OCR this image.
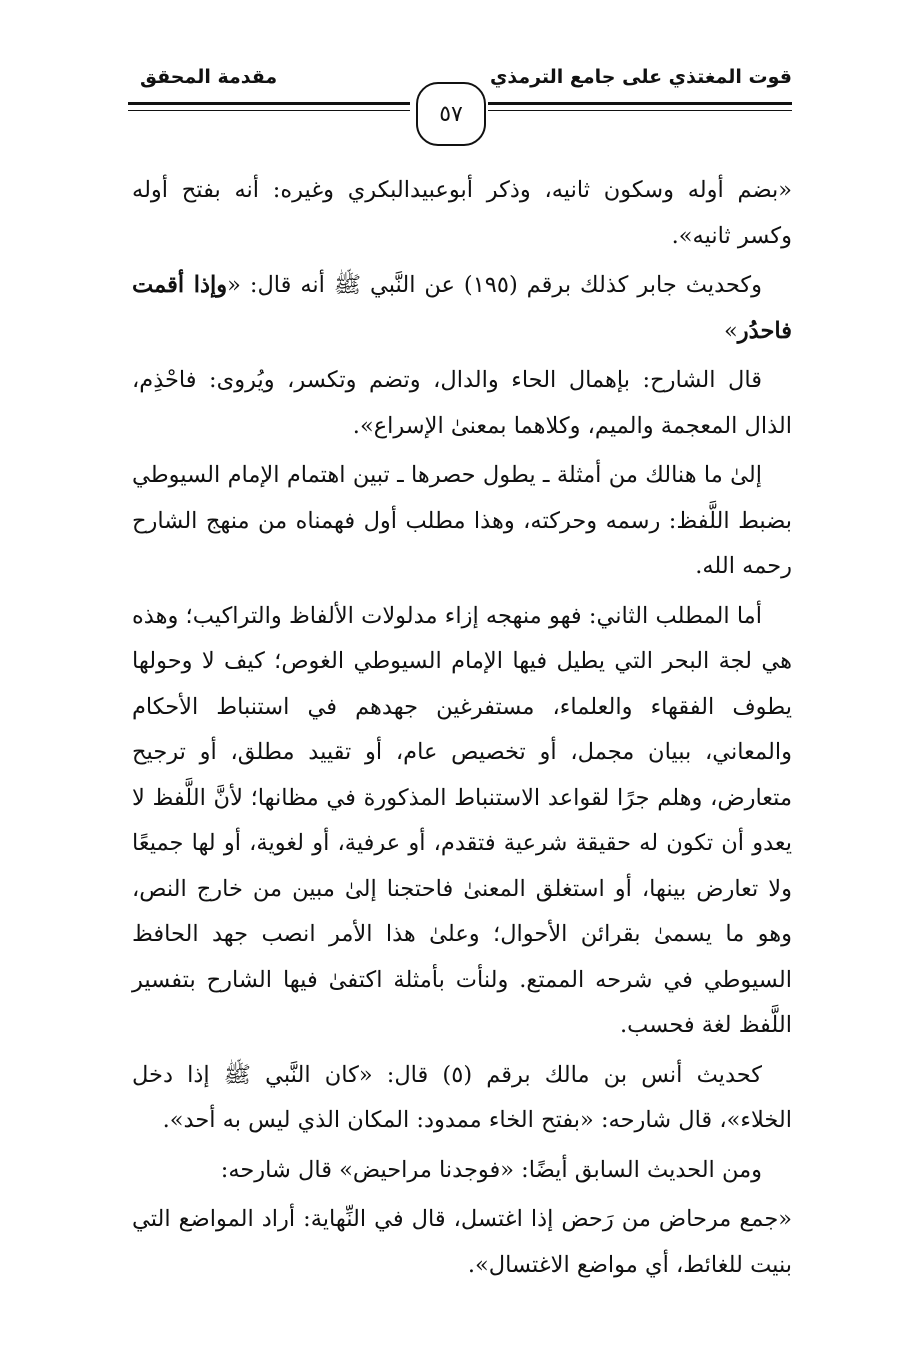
قوت المغتذي على جامع الترمذي
مقدمة المحقق
٥٧

«بضم أوله وسكون ثانيه، وذكر أبوعبيدالبكري وغيره: أنه بفتح أوله وكسر ثانيه».

وكحديث جابر كذلك برقم (١٩٥) عن النَّبي ﷺ أنه قال: «وإذا أقمت فاحدُر»

قال الشارح: بإهمال الحاء والدال، وتضم وتكسر، ويُروى: فاحْذِم، الذال المعجمة والميم، وكلاهما بمعنىٰ الإسراع».

إلىٰ ما هنالك من أمثلة ـ يطول حصرها ـ تبين اهتمام الإمام السيوطي بضبط اللَّفظ: رسمه وحركته، وهذا مطلب أول فهمناه من منهج الشارح رحمه الله.

أما المطلب الثاني: فهو منهجه إزاء مدلولات الألفاظ والتراكيب؛ وهذه هي لجة البحر التي يطيل فيها الإمام السيوطي الغوص؛ كيف لا وحولها يطوف الفقهاء والعلماء، مستفرغين جهدهم في استنباط الأحكام والمعاني، ببيان مجمل، أو تخصيص عام، أو تقييد مطلق، أو ترجيح متعارض، وهلم جرًا لقواعد الاستنباط المذكورة في مظانها؛ لأنَّ اللَّفظ لا يعدو أن تكون له حقيقة شرعية فتقدم، أو عرفية، أو لغوية، أو لها جميعًا ولا تعارض بينها، أو استغلق المعنىٰ فاحتجنا إلىٰ مبين من خارج النص، وهو ما يسمىٰ بقرائن الأحوال؛ وعلىٰ هذا الأمر انصب جهد الحافظ السيوطي في شرحه الممتع. ولنأت بأمثلة اكتفىٰ فيها الشارح بتفسير اللَّفظ لغة فحسب.

كحديث أنس بن مالك برقم (٥) قال: «كان النَّبي ﷺ إذا دخل الخلاء»، قال شارحه: «بفتح الخاء ممدود: المكان الذي ليس به أحد».

ومن الحديث السابق أيضًا: «فوجدنا مراحيض» قال شارحه:

«جمع مرحاض من رَحض إذا اغتسل، قال في النِّهاية: أراد المواضع التي بنيت للغائط، أي مواضع الاغتسال».
